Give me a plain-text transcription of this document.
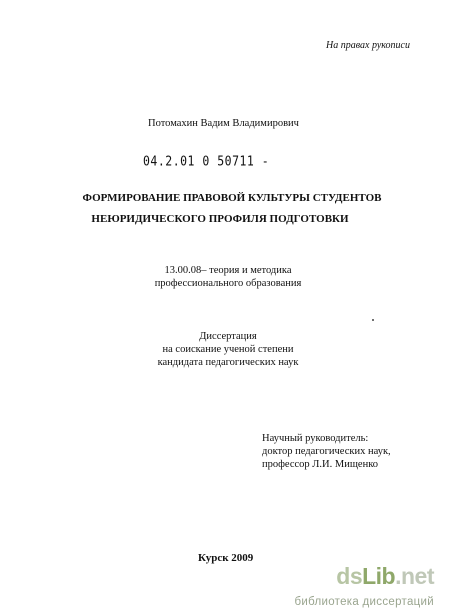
На правах рукописи
Потомахин Вадим Владимирович
04.2.01 0 50711 -
ФОРМИРОВАНИЕ ПРАВОВОЙ КУЛЬТУРЫ СТУДЕНТОВ
НЕЮРИДИЧЕСКОГО ПРОФИЛЯ ПОДГОТОВКИ
13.00.08– теория и методика
профессионального образования
Диссертация
на соискание ученой степени
кандидата педагогических наук
Научный руководитель:
доктор педагогических наук,
профессор Л.И. Мищенко
Курск 2009
dsLib.net
библиотека диссертаций
